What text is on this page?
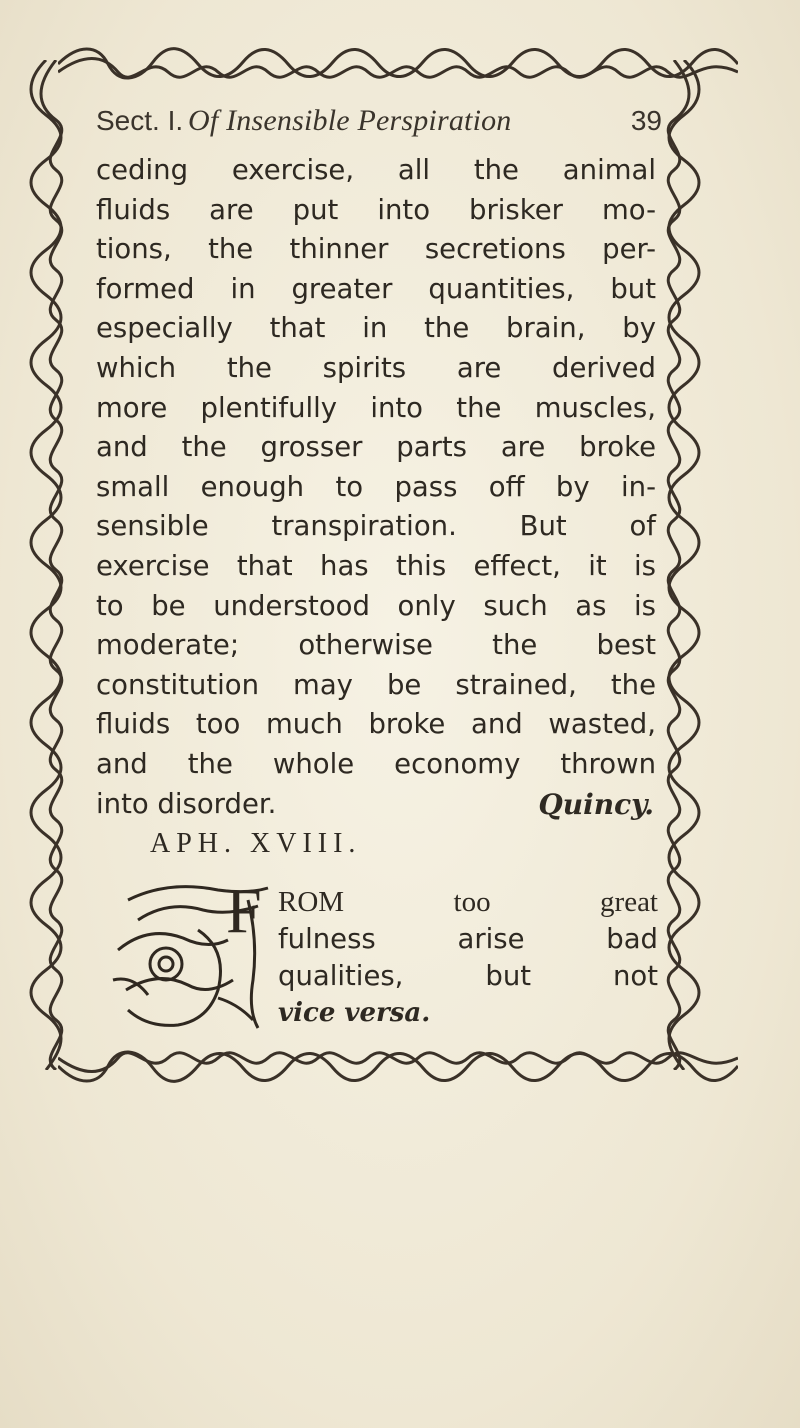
Sect. I. Of Insensible Perspiration	39
ceding exercise, all the animal
fluids are put into brisker mo-
tions, the thinner secretions per-
formed in greater quantities, but
especially that in the brain, by
which the spirits are derived
more plentifully into the muscles,
and the grosser parts are broke
small enough to pass off by in-
sensible transpiration. But of
exercise that has this effect, it is
to be understood only such as is
moderate; otherwise the best
constitution may be strained, the
fluids too much broke and wasted,
and the whole economy thrown
into disorder.	Quincy.
APH. XVIII.
F ROM too great
fulness arise bad
qualities, but not
vice versa.
